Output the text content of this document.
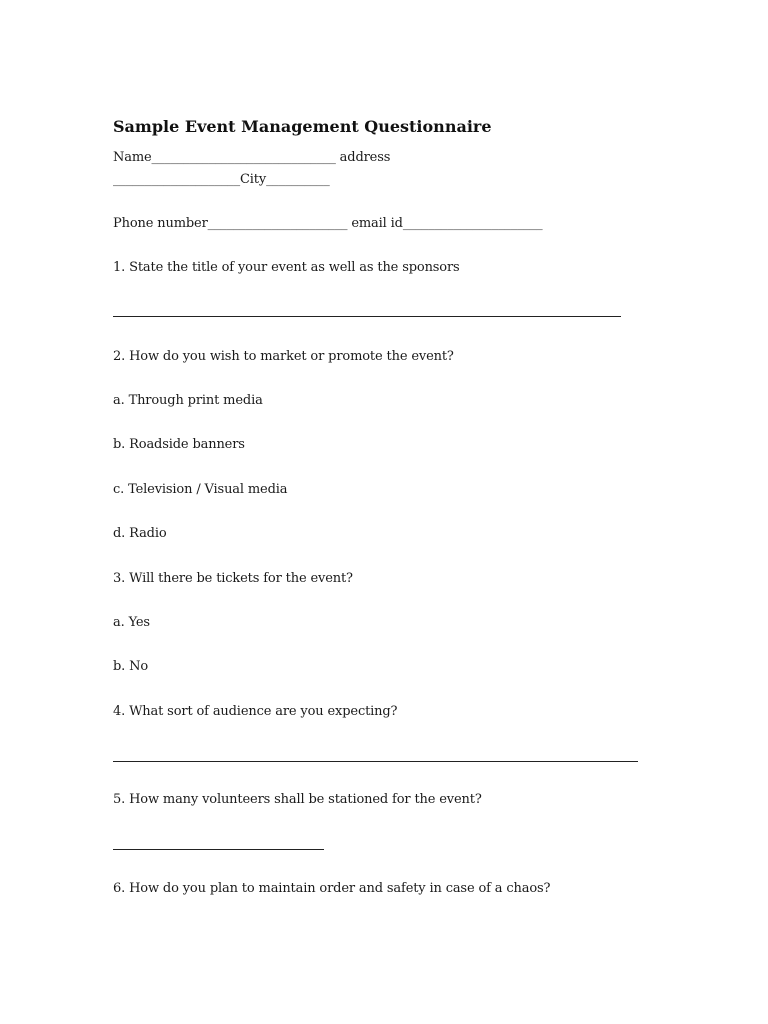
Sample Event Management Questionnaire

Name_____________________________ address

____________________City__________

Phone number______________________ email id______________________

1. State the title of your event as well as the sponsors

2. How do you wish to market or promote the event?

a. Through print media

b. Roadside banners

c. Television / Visual media

d. Radio

3. Will there be tickets for the event?

a. Yes

b. No

4. What sort of audience are you expecting?

5. How many volunteers shall be stationed for the event?

6. How do you plan to maintain order and safety in case of a chaos?
